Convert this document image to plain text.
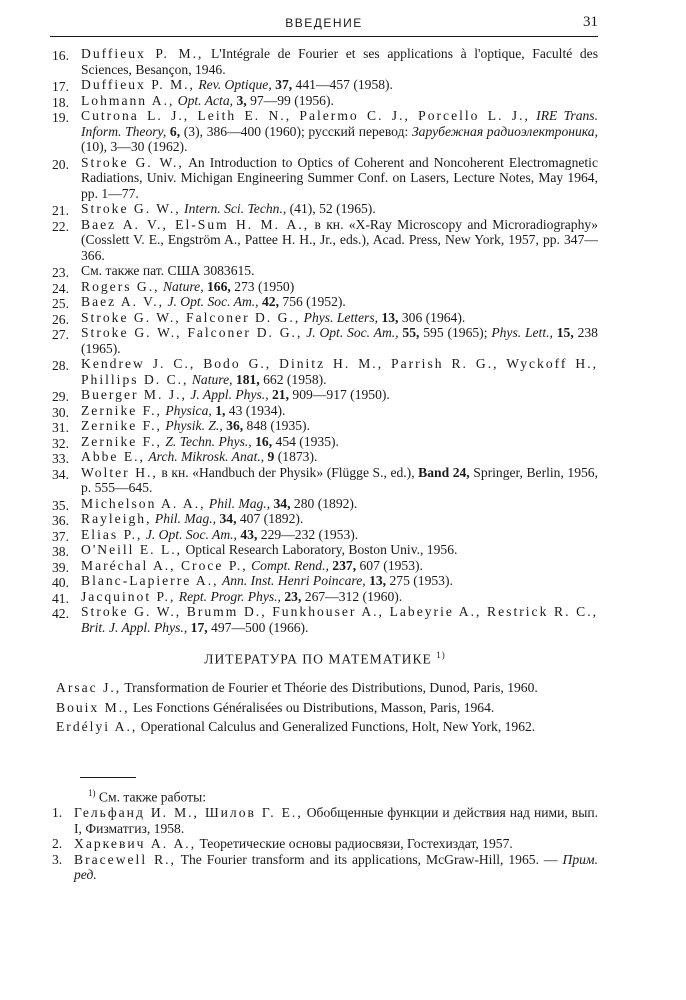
ВВЕДЕНИЕ	31
16. Duffieux P. M., L'Intégrale de Fourier et ses applications à l'optique, Faculté des Sciences, Besançon, 1946.
17. Duffieux P. M., Rev. Optique, 37, 441—457 (1958).
18. Lohmann A., Opt. Acta, 3, 97—99 (1956).
19. Cutrona L. J., Leith E. N., Palermo C. J., Porcello L. J., IRE Trans. Inform. Theory, 6, (3), 386—400 (1960); русский перевод: Зарубежная радиоэлектроника, (10), 3—30 (1962).
20. Stroke G. W., An Introduction to Optics of Coherent and Noncoherent Electromagnetic Radiations, Univ. Michigan Engineering Summer Conf. on Lasers, Lecture Notes, May 1964, pp. 1—77.
21. Stroke G. W., Intern. Sci. Techn., (41), 52 (1965).
22. Baez A. V., El-Sum H. M. A., в кн. «X-Ray Microscopy and Microradiography» (Cosslett V. E., Engström A., Pattee H. H., Jr., eds.), Acad. Press, New York, 1957, pp. 347—366.
23. См. также пат. США 3083615.
24. Rogers G., Nature, 166, 273 (1950)
25. Baez A. V., J. Opt. Soc. Am., 42, 756 (1952).
26. Stroke G. W., Falconer D. G., Phys. Letters, 13, 306 (1964).
27. Stroke G. W., Falconer D. G., J. Opt. Soc. Am., 55, 595 (1965); Phys. Lett., 15, 238 (1965).
28. Kendrew J. C., Bodo G., Dinitz H. M., Parrish R. G., Wyckoff H., Phillips D. C., Nature, 181, 662 (1958).
29. Buerger M. J., J. Appl. Phys., 21, 909—917 (1950).
30. Zernike F., Physica, 1, 43 (1934).
31. Zernike F., Physik. Z., 36, 848 (1935).
32. Zernike F., Z. Techn. Phys., 16, 454 (1935).
33. Abbe E., Arch. Mikrosk. Anat., 9 (1873).
34. Wolter H., в кн. «Handbuch der Physik» (Flügge S., ed.), Band 24, Springer, Berlin, 1956, p. 555—645.
35. Michelson A. A., Phil. Mag., 34, 280 (1892).
36. Rayleigh, Phil. Mag., 34, 407 (1892).
37. Elias P., J. Opt. Soc. Am., 43, 229—232 (1953).
38. O'Neill E. L., Optical Research Laboratory, Boston Univ., 1956.
39. Maréchal A., Croce P., Compt. Rend., 237, 607 (1953).
40. Blanc-Lapierre A., Ann. Inst. Henri Poincare, 13, 275 (1953).
41. Jacquinot P., Rept. Progr. Phys., 23, 267—312 (1960).
42. Stroke G. W., Brumm D., Funkhouser A., Labeyrie A., Restrick R. C., Brit. J. Appl. Phys., 17, 497—500 (1966).
ЛИТЕРАТУРА ПО МАТЕМАТИКЕ $^{1)}$
Arsac J., Transformation de Fourier et Théorie des Distributions, Dunod, Paris, 1960.
Bouix M., Les Fonctions Généralisées ou Distributions, Masson, Paris, 1964.
Erdélyi A., Operational Calculus and Generalized Functions, Holt, New York, 1962.
$^{1)}$ См. также работы:
1. Гельфанд И. М., Шилов Г. Е., Обобщенные функции и действия над ними, вып. I, Физматгиз, 1958.
2. Харкевич А. А., Теоретические основы радиосвязи, Гостехиздат, 1957.
3. Bracewell R., The Fourier transform and its applications, McGraw-Hill, 1965. — Прим. ред.
